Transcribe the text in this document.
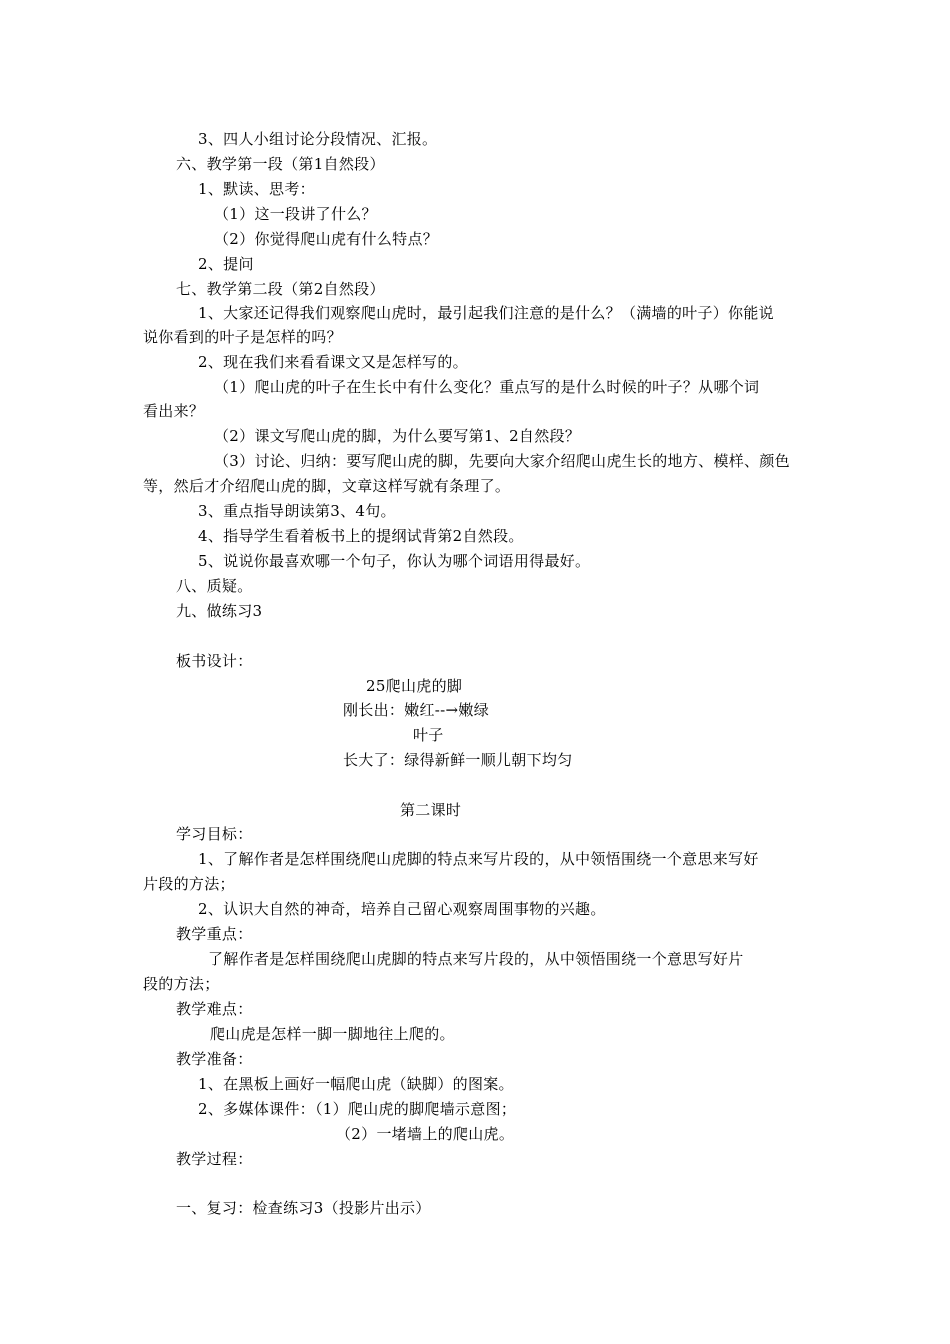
3、四人小组讨论分段情况、汇报。
六、教学第一段（第1自然段）
1、默读、思考：
（1）这一段讲了什么？
（2）你觉得爬山虎有什么特点？
2、提问
七、教学第二段（第2自然段）
1、大家还记得我们观察爬山虎时，最引起我们注意的是什么？（满墙的叶子）你能说
说你看到的叶子是怎样的吗？
2、现在我们来看看课文又是怎样写的。
（1）爬山虎的叶子在生长中有什么变化？重点写的是什么时候的叶子？从哪个词
看出来？
（2）课文写爬山虎的脚，为什么要写第1、2自然段？
（3）讨论、归纳：要写爬山虎的脚，先要向大家介绍爬山虎生长的地方、模样、颜色
等，然后才介绍爬山虎的脚，文章这样写就有条理了。
3、重点指导朗读第3、4句。
4、指导学生看着板书上的提纲试背第2自然段。
5、说说你最喜欢哪一个句子，你认为哪个词语用得最好。
八、质疑。
九、做练习3
板书设计：
25爬山虎的脚
刚长出：嫩红--→嫩绿
叶子
长大了：绿得新鲜一顺儿朝下均匀
第二课时
学习目标：
1、了解作者是怎样围绕爬山虎脚的特点来写片段的，从中领悟围绕一个意思来写好
片段的方法；
2、认识大自然的神奇，培养自己留心观察周围事物的兴趣。
教学重点：
了解作者是怎样围绕爬山虎脚的特点来写片段的，从中领悟围绕一个意思写好片
段的方法；
教学难点：
爬山虎是怎样一脚一脚地往上爬的。
教学准备：
1、在黑板上画好一幅爬山虎（缺脚）的图案。
2、多媒体课件：（1）爬山虎的脚爬墙示意图；
（2）一堵墙上的爬山虎。
教学过程：
一、复习：检查练习3（投影片出示）
